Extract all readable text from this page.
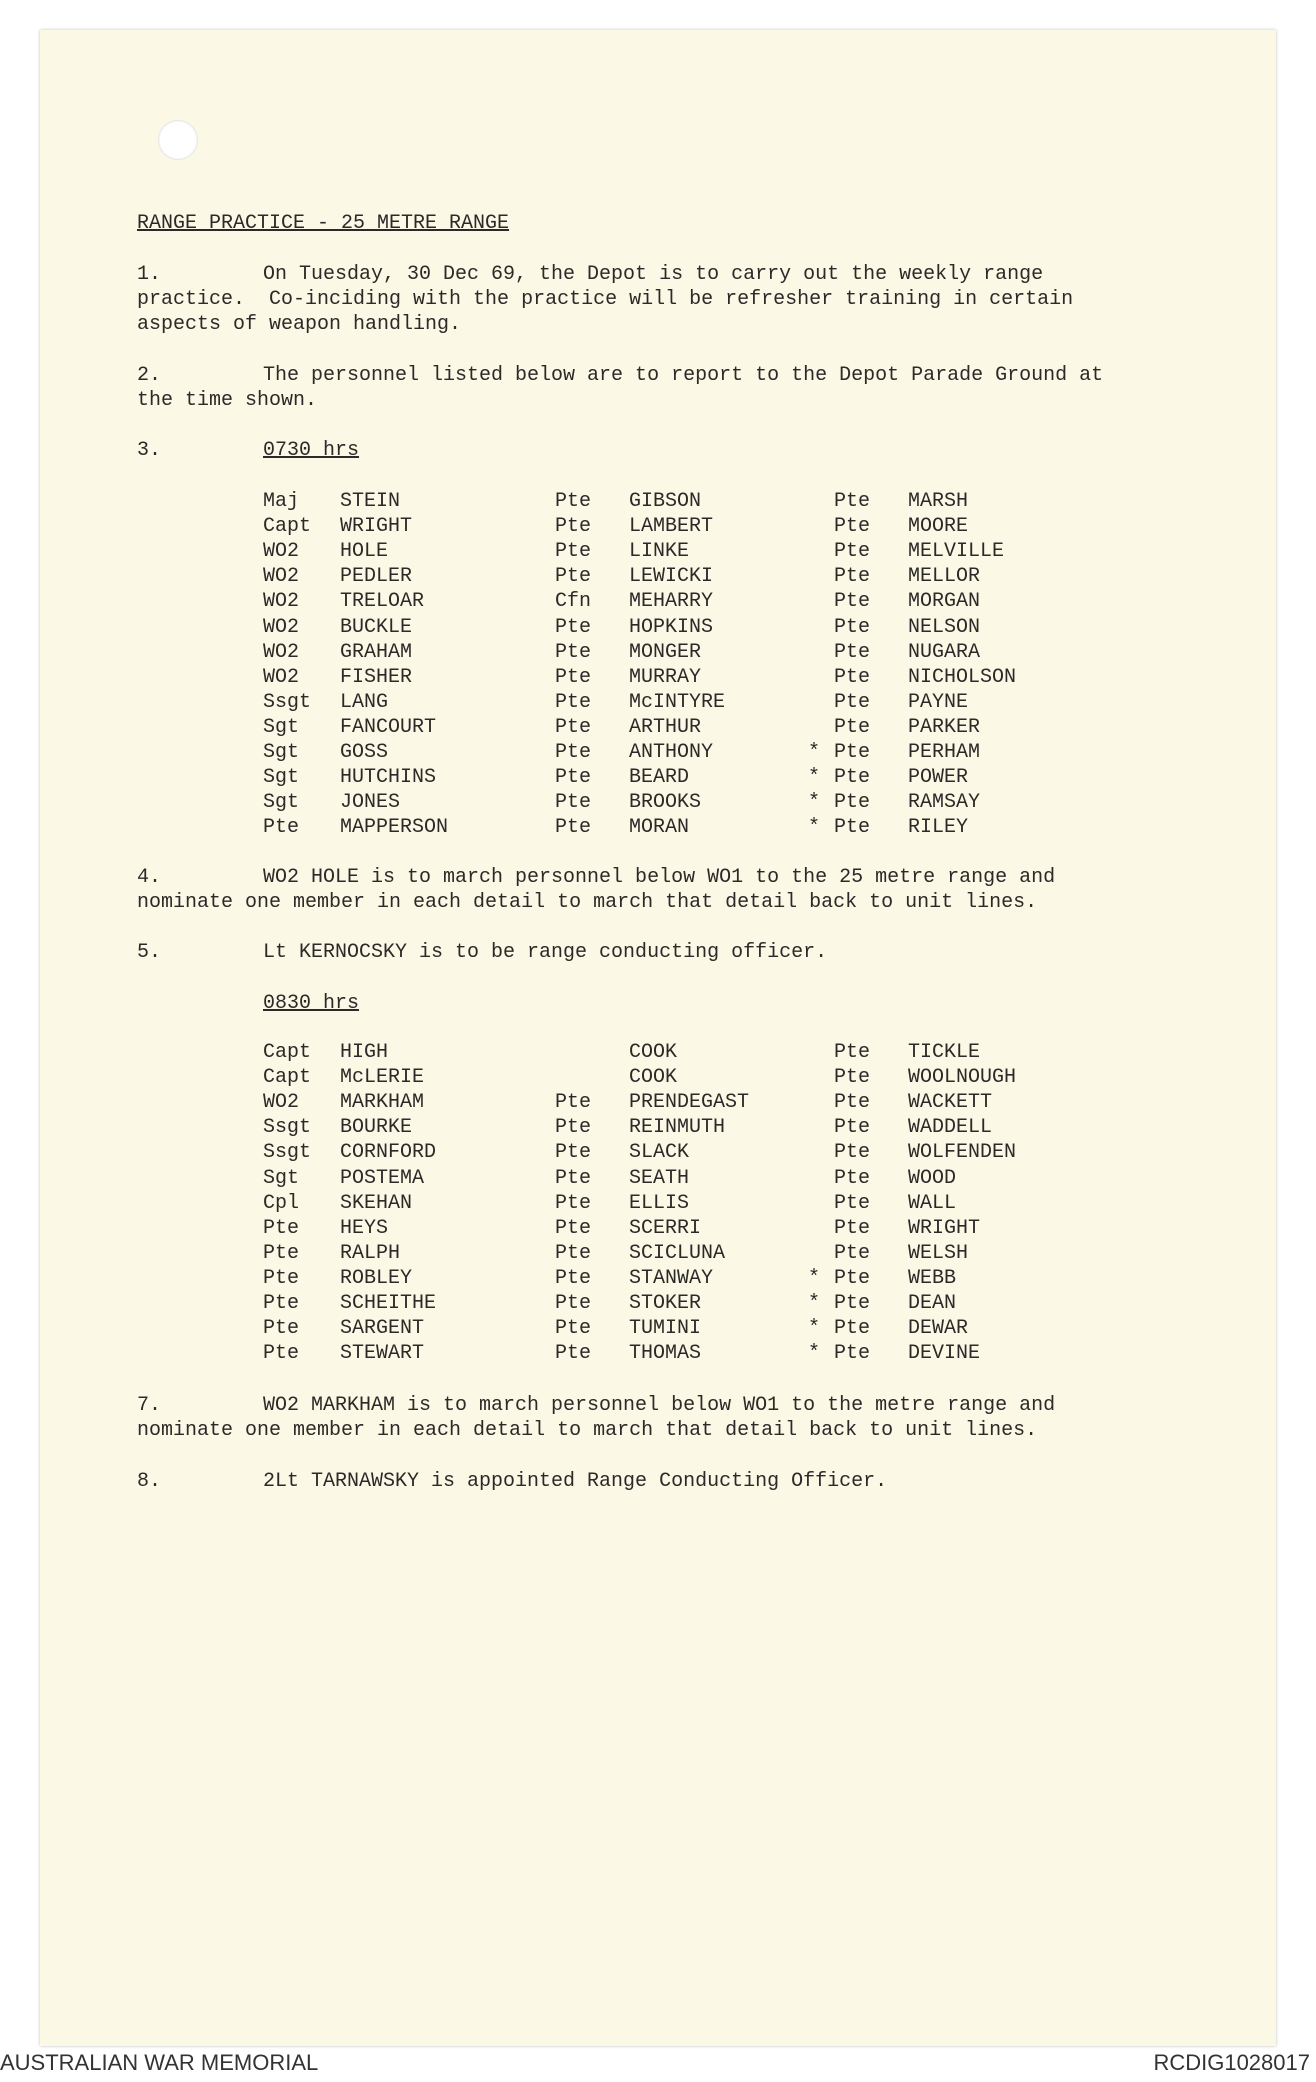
RANGE PRACTICE - 25 METRE RANGE
1.	On Tuesday, 30 Dec 69, the Depot is to carry out the weekly range
practice.  Co-inciding with the practice will be refresher training in certain
aspects of weapon handling.
2.	The personnel listed below are to report to the Depot Parade Ground at
the time shown.
3.	0730 hrs
Maj STEIN	Pte GIBSON	Pte MARSH
Capt WRIGHT	Pte LAMBERT	Pte MOORE
WO2 HOLE	Pte LINKE	Pte MELVILLE
WO2 PEDLER	Pte LEWICKI	Pte MELLOR
WO2 TRELOAR	Cfn MEHARRY	Pte MORGAN
WO2 BUCKLE	Pte HOPKINS	Pte NELSON
WO2 GRAHAM	Pte MONGER	Pte NUGARA
WO2 FISHER	Pte MURRAY	Pte NICHOLSON
Ssgt LANG	Pte McINTYRE	Pte PAYNE
Sgt FANCOURT	Pte ARTHUR	Pte PARKER
Sgt GOSS	Pte ANTHONY	* Pte PERHAM
Sgt HUTCHINS	Pte BEARD	* Pte POWER
Sgt JONES	Pte BROOKS	* Pte RAMSAY
Pte MAPPERSON	Pte MORAN	* Pte RILEY
4.	WO2 HOLE is to march personnel below WO1 to the 25 metre range and
nominate one member in each detail to march that detail back to unit lines.
5.	Lt KERNOCSKY is to be range conducting officer.
0830 hrs
Capt HIGH	COOK	Pte TICKLE
Capt McLERIE	COOK	Pte WOOLNOUGH
WO2 MARKHAM	Pte PRENDEGAST	Pte WACKETT
Ssgt BOURKE	Pte REINMUTH	Pte WADDELL
Ssgt CORNFORD	Pte SLACK	Pte WOLFENDEN
Sgt POSTEMA	Pte SEATH	Pte WOOD
Cpl SKEHAN	Pte ELLIS	Pte WALL
Pte HEYS	Pte SCERRI	Pte WRIGHT
Pte RALPH	Pte SCICLUNA	Pte WELSH
Pte ROBLEY	Pte STANWAY	* Pte WEBB
Pte SCHEITHE	Pte STOKER	* Pte DEAN
Pte SARGENT	Pte TUMINI	* Pte DEWAR
Pte STEWART	Pte THOMAS	* Pte DEVINE
7.	WO2 MARKHAM is to march personnel below WO1 to the metre range and
nominate one member in each detail to march that detail back to unit lines.
8.	2Lt TARNAWSKY is appointed Range Conducting Officer.
AUSTRALIAN WAR MEMORIAL	RCDIG1028017
